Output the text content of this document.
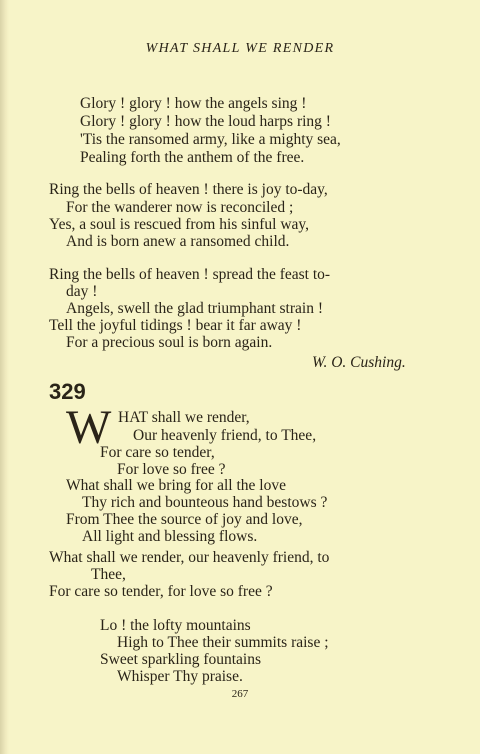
WHAT SHALL WE RENDER
Glory ! glory ! how the angels sing !
Glory ! glory ! how the loud harps ring !
'Tis the ransomed army, like a mighty sea,
Pealing forth the anthem of the free.
Ring the bells of heaven ! there is joy to-day,
For the wanderer now is reconciled ;
Yes, a soul is rescued from his sinful way,
And is born anew a ransomed child.
Ring the bells of heaven ! spread the feast to-
day !
Angels, swell the glad triumphant strain !
Tell the joyful tidings ! bear it far away !
For a precious soul is born again.
W. O. Cushing.
329
W HAT shall we render,
Our heavenly friend, to Thee,
For care so tender,
For love so free ?
What shall we bring for all the love
Thy rich and bounteous hand bestows ?
From Thee the source of joy and love,
All light and blessing flows.
What shall we render, our heavenly friend, to
Thee,
For care so tender, for love so free ?
Lo ! the lofty mountains
High to Thee their summits raise ;
Sweet sparkling fountains
Whisper Thy praise.
267
